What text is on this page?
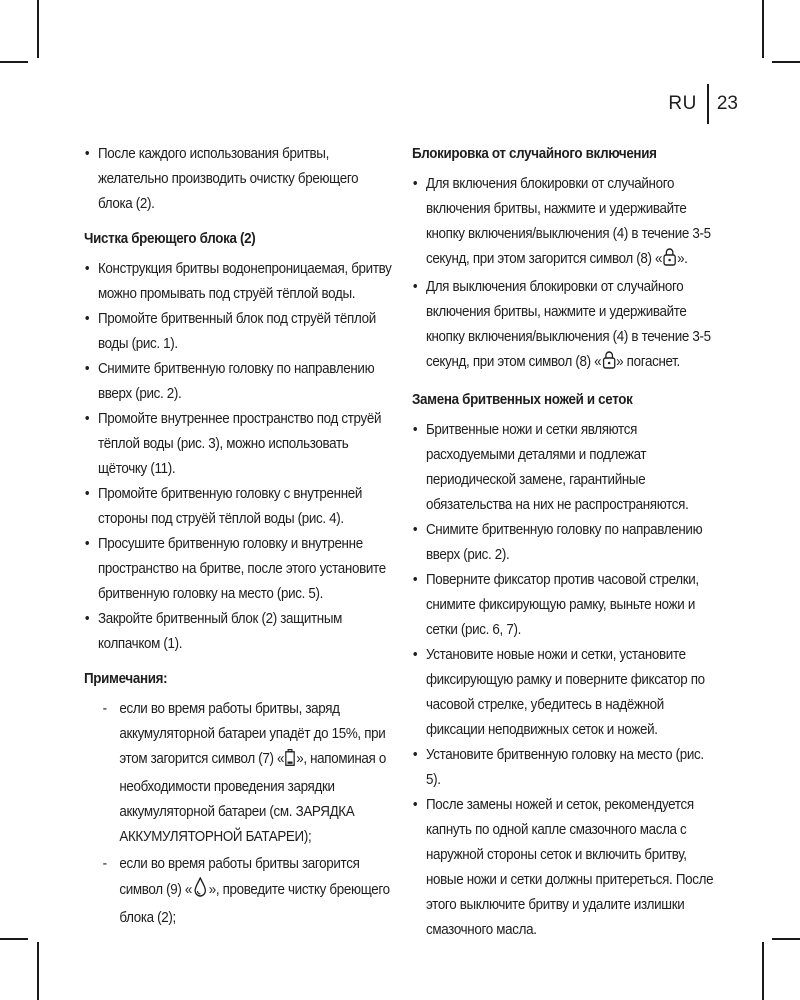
RU	23
• После каждого использования бритвы, желательно производить очистку бреющего блока (2).
Чистка бреющего блока (2)
• Конструкция бритвы водонепроницаемая, бритву можно промывать под струёй тёплой воды.
• Промойте бритвенный блок под струёй тёплой воды (рис. 1).
• Снимите бритвенную головку по направлению вверх (рис. 2).
• Промойте внутреннее пространство под струёй тёплой воды (рис. 3), можно использовать щёточку (11).
• Промойте бритвенную головку с внутренней стороны под струёй тёплой воды (рис. 4).
• Просушите бритвенную головку и внутренне пространство на бритве, после этого установите бритвенную головку на место (рис. 5).
• Закройте бритвенный блок (2) защитным колпачком (1).
Примечания:
- если во время работы бритвы, заряд аккумуляторной батареи упадёт до 15%, при этом загорится символ (7) « », напоминая о необходимости проведения зарядки аккумуляторной батареи (см. ЗАРЯДКА АККУМУЛЯТОРНОЙ БАТАРЕИ);
- если во время работы бритвы загорится символ (9) « », проведите чистку бреющего блока (2);
Блокировка от случайного включения
• Для включения блокировки от случайного включения бритвы, нажмите и удерживайте кнопку включения/выключения (4) в течение 3-5 секунд, при этом загорится символ (8) « ».
• Для выключения блокировки от случайного включения бритвы, нажмите и удерживайте кнопку включения/выключения (4) в течение 3-5 секунд, при этом символ (8) « » погаснет.
Замена бритвенных ножей и сеток
• Бритвенные ножи и сетки являются расходуемыми деталями и подлежат периодической замене, гарантийные обязательства на них не распространяются.
• Снимите бритвенную головку по направлению вверх (рис. 2).
• Поверните фиксатор против часовой стрелки, снимите фиксирующую рамку, выньте ножи и сетки (рис. 6, 7).
• Установите новые ножи и сетки, установите фиксирующую рамку и поверните фиксатор по часовой стрелке, убедитесь в надёжной фиксации неподвижных сеток и ножей.
• Установите бритвенную головку на место (рис. 5).
• После замены ножей и сеток, рекомендуется капнуть по одной капле смазочного масла с наружной стороны сеток и включить бритву, новые ножи и сетки должны притереться. После этого выключите бритву и удалите излишки смазочного масла.
